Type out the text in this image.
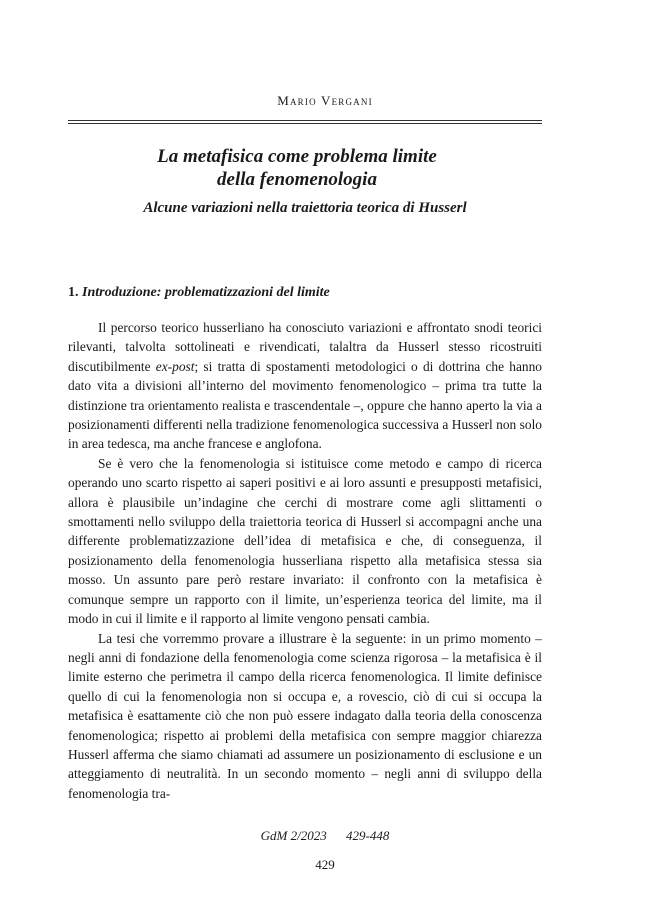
Mario Vergani
La metafisica come problema limite
della fenomenologia
Alcune variazioni nella traiettoria teorica di Husserl
1. Introduzione: problematizzazioni del limite

Il percorso teorico husserliano ha conosciuto variazioni e affrontato snodi teorici rilevanti, talvolta sottolineati e rivendicati, talaltra da Husserl stesso ricostruiti discutibilmente ex-post; si tratta di spostamenti metodologici o di dottrina che hanno dato vita a divisioni all’interno del movimento fenomenologico – prima tra tutte la distinzione tra orientamento realista e trascendentale –, oppure che hanno aperto la via a posizionamenti differenti nella tradizione fenomenologica successiva a Husserl non solo in area tedesca, ma anche francese e anglofona.

Se è vero che la fenomenologia si istituisce come metodo e campo di ricerca operando uno scarto rispetto ai saperi positivi e ai loro assunti e presupposti metafisici, allora è plausibile un’indagine che cerchi di mostrare come agli slittamenti o smottamenti nello sviluppo della traiettoria teorica di Husserl si accompagni anche una differente problematizzazione dell’idea di metafisica e che, di conseguenza, il posizionamento della fenomenologia husserliana rispetto alla metafisica stessa sia mosso. Un assunto pare però restare invariato: il confronto con la metafisica è comunque sempre un rapporto con il limite, un’esperienza teorica del limite, ma il modo in cui il limite e il rapporto al limite vengono pensati cambia.

La tesi che vorremmo provare a illustrare è la seguente: in un primo momento – negli anni di fondazione della fenomenologia come scienza rigorosa – la metafisica è il limite esterno che perimetra il campo della ricerca fenomenologica. Il limite definisce quello di cui la fenomenologia non si occupa e, a rovescio, ciò di cui si occupa la metafisica è esattamente ciò che non può essere indagato dalla teoria della conoscenza fenomenologica; rispetto ai problemi della metafisica con sempre maggior chiarezza Husserl afferma che siamo chiamati ad assumere un posizionamento di esclusione e un atteggiamento di neutralità. In un secondo momento – negli anni di sviluppo della fenomenologia tra-

GdM 2/2023 429-448
429
